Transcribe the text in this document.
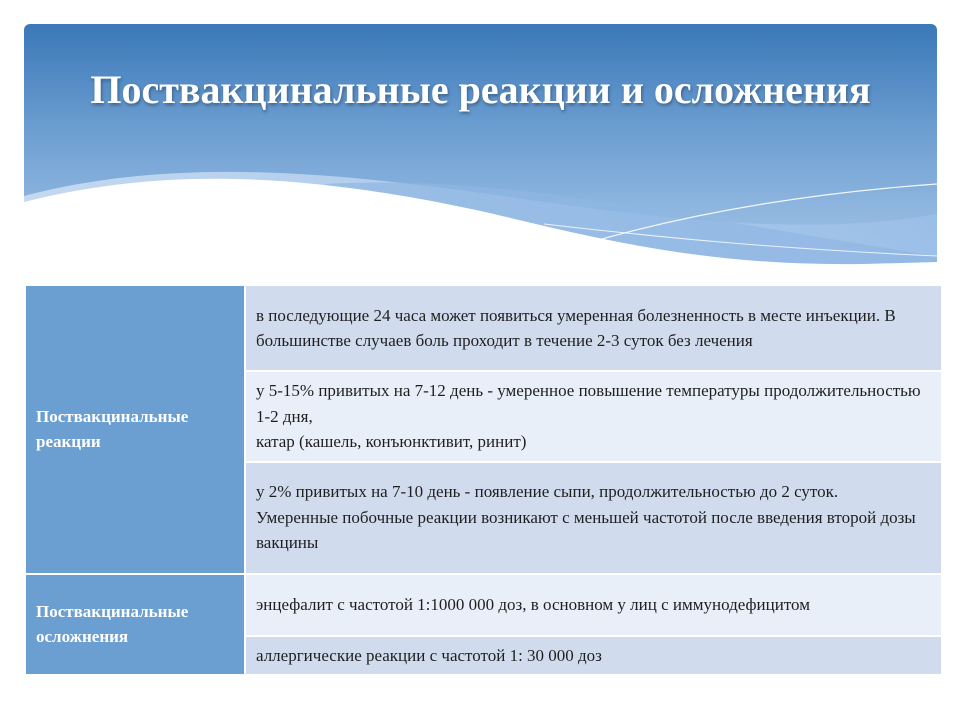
Поствакцинальные реакции и осложнения
Поствакцинальные реакции	в последующие 24 часа может появиться умеренная болезненность в месте инъекции. В большинстве случаев боль проходит в течение 2-3 суток без лечения

	у 5-15% привитых на 7-12 день - умеренное повышение температуры продолжительностью 1-2 дня,
катар (кашель, конъюнктивит, ринит)

	у 2% привитых на 7-10 день - появление сыпи, продолжительностью до 2 суток.
Умеренные побочные реакции возникают с меньшей частотой после введения второй дозы вакцины

Поствакцинальные осложнения	энцефалит с частотой 1:1000 000 доз, в основном у лиц с иммунодефицитом

	аллергические реакции с частотой 1: 30 000 доз
